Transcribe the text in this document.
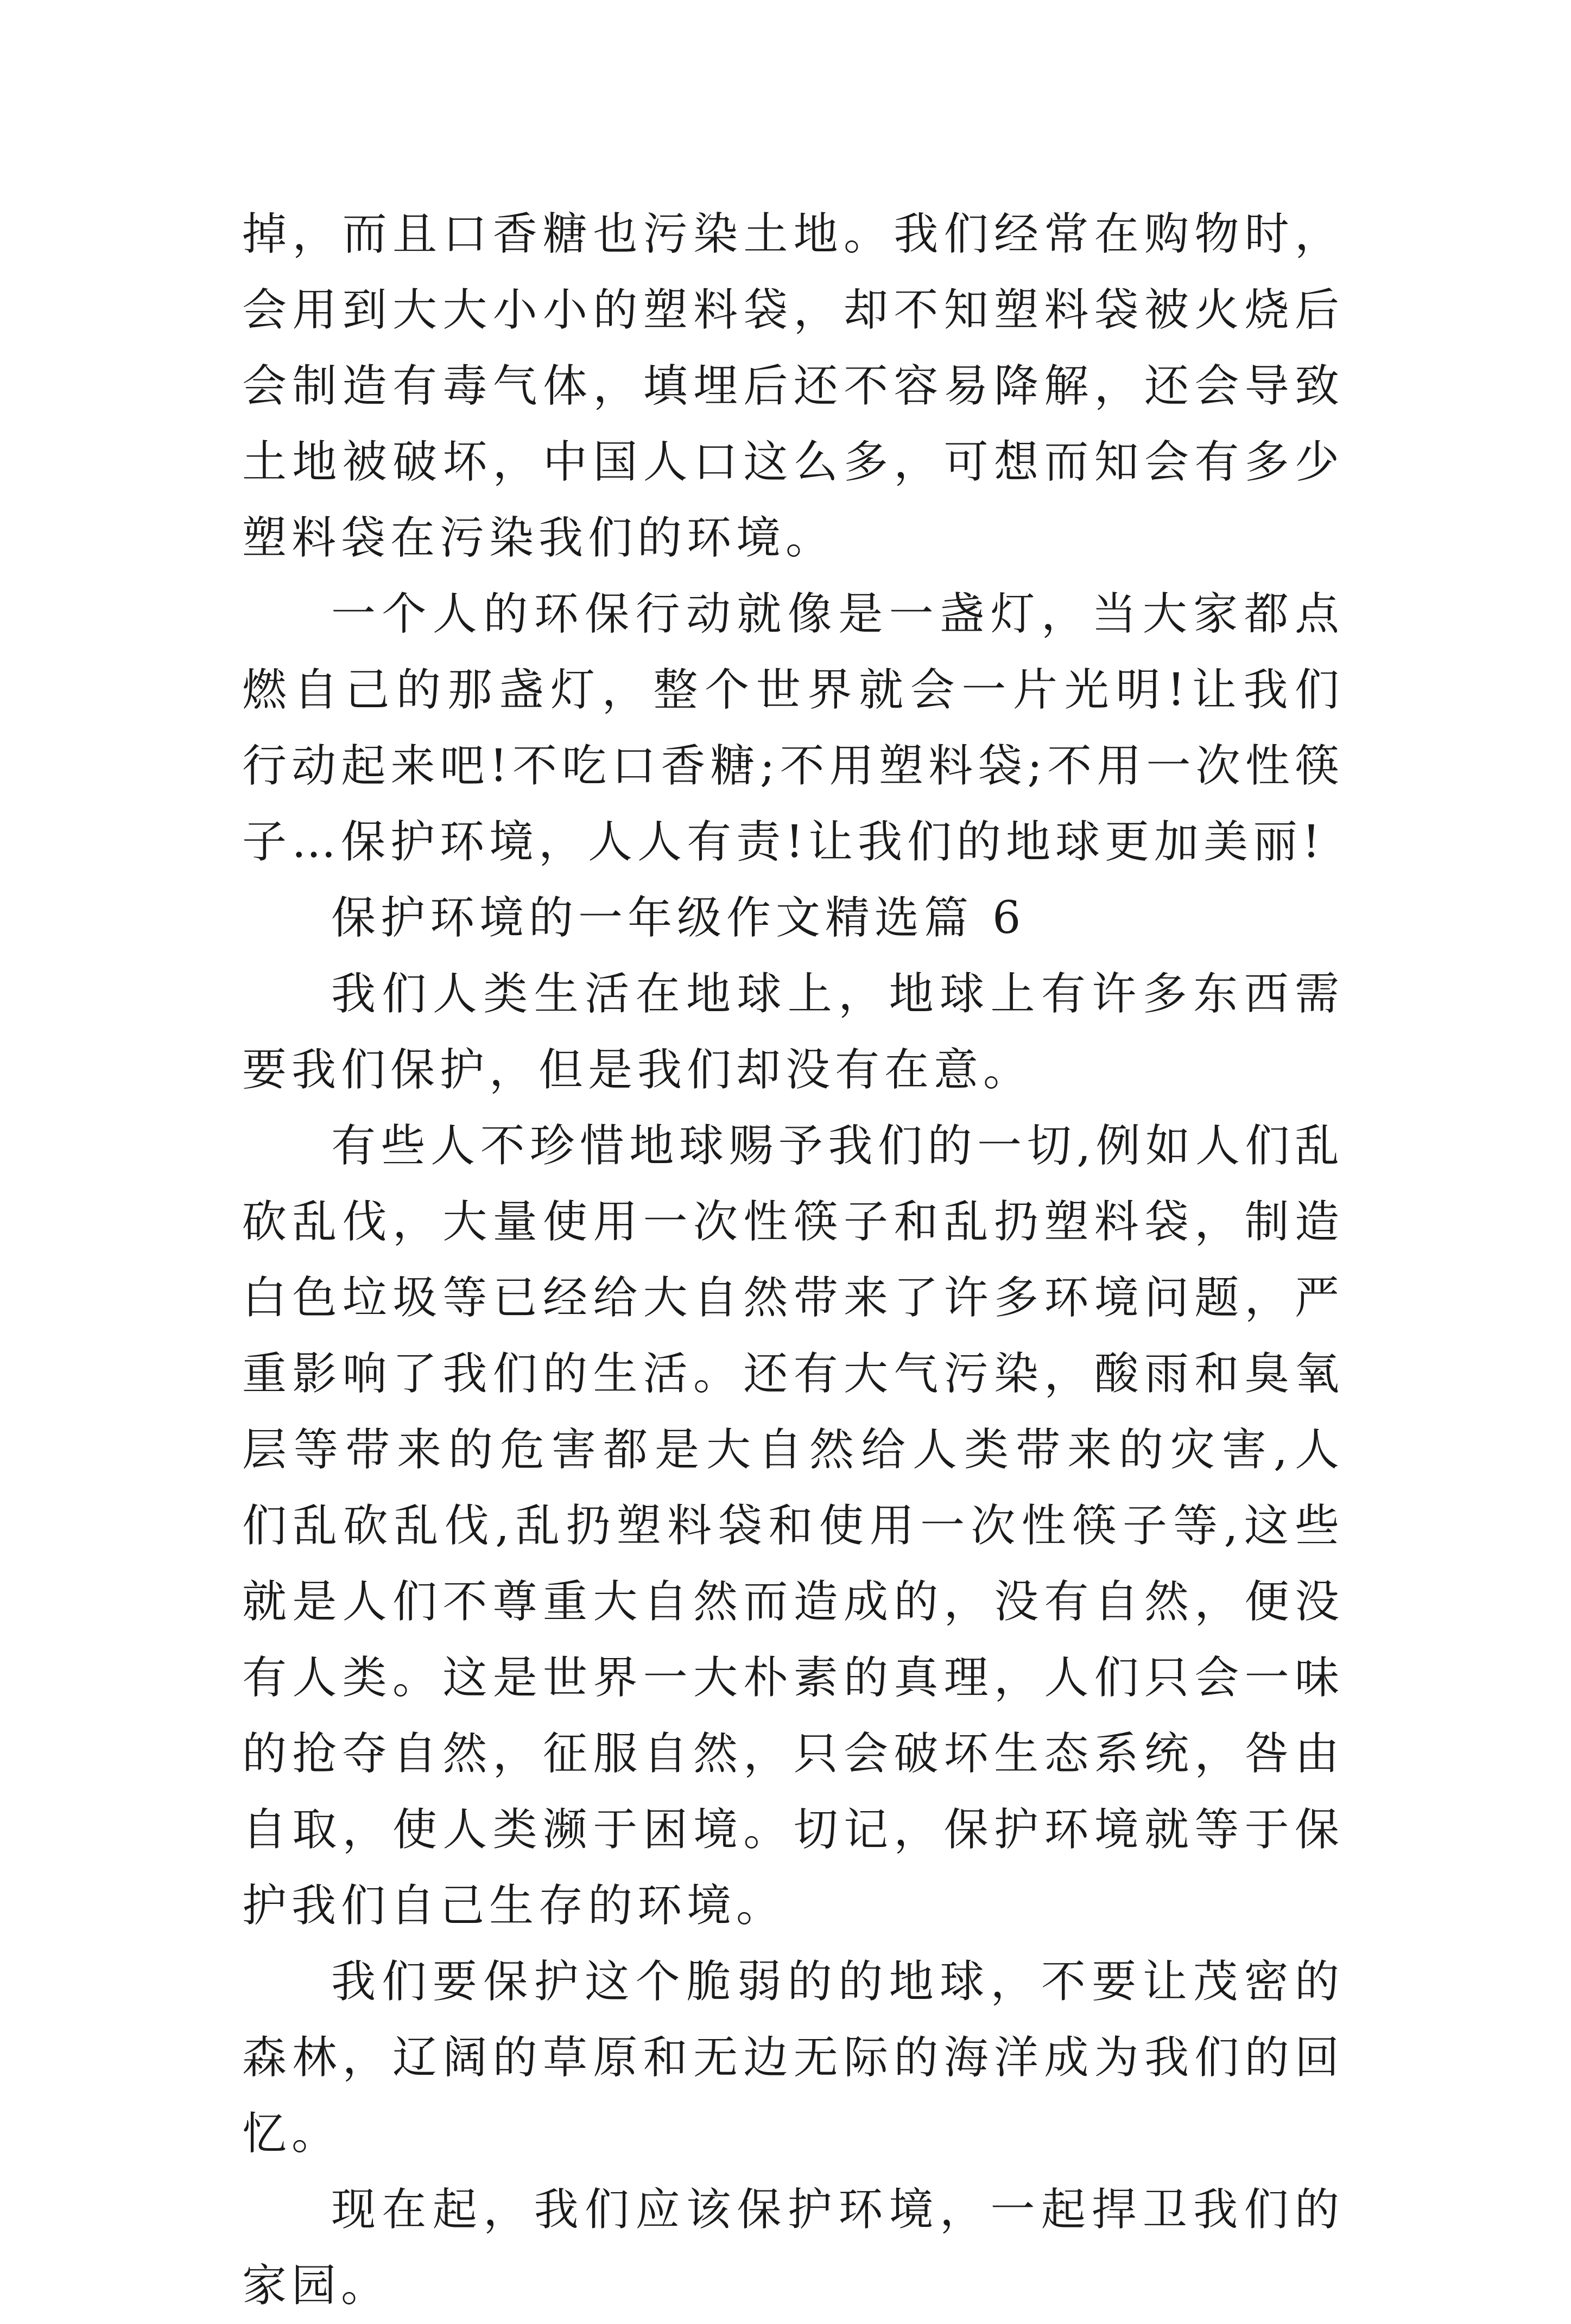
掉，而且口香糖也污染土地。我们经常在购物时，会用到大大小小的塑料袋，却不知塑料袋被火烧后会制造有毒气体，填埋后还不容易降解，还会导致土地被破坏，中国人口这么多，可想而知会有多少塑料袋在污染我们的环境。

一个人的环保行动就像是一盏灯，当大家都点燃自己的那盏灯，整个世界就会一片光明!让我们行动起来吧!不吃口香糖;不用塑料袋;不用一次性筷子…保护环境，人人有责!让我们的地球更加美丽!

保护环境的一年级作文精选篇 6

我们人类生活在地球上，地球上有许多东西需要我们保护，但是我们却没有在意。

有些人不珍惜地球赐予我们的一切,例如人们乱砍乱伐，大量使用一次性筷子和乱扔塑料袋，制造白色垃圾等已经给大自然带来了许多环境问题，严重影响了我们的生活。还有大气污染，酸雨和臭氧层等带来的危害都是大自然给人类带来的灾害,人们乱砍乱伐,乱扔塑料袋和使用一次性筷子等,这些就是人们不尊重大自然而造成的，没有自然，便没有人类。这是世界一大朴素的真理，人们只会一味的抢夺自然，征服自然，只会破坏生态系统，咎由自取，使人类濒于困境。切记，保护环境就等于保护我们自己生存的环境。

我们要保护这个脆弱的的地球，不要让茂密的森林，辽阔的草原和无边无际的海洋成为我们的回忆。

现在起，我们应该保护环境，一起捍卫我们的家园。
